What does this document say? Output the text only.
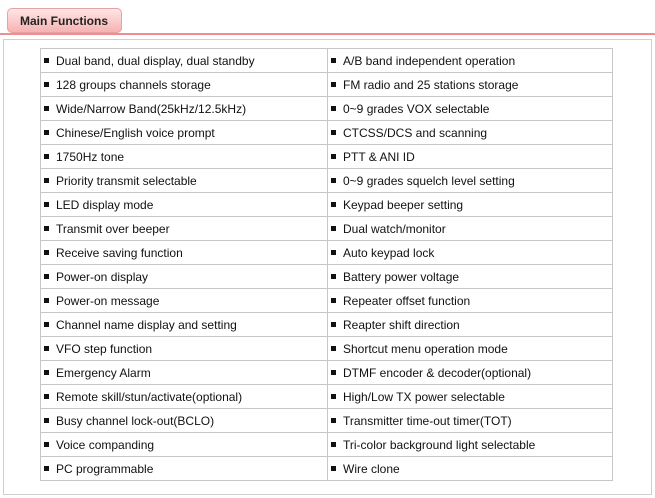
Main Functions
Dual band, dual display, dual standby	A/B band independent operation
128 groups channels storage	FM radio and 25 stations storage
Wide/Narrow Band(25kHz/12.5kHz)	0~9 grades VOX selectable
Chinese/English voice prompt	CTCSS/DCS and scanning
1750Hz tone	PTT & ANI ID
Priority transmit selectable	0~9 grades squelch level setting
LED display mode	Keypad beeper setting
Transmit over beeper	Dual watch/monitor
Receive saving function	Auto keypad lock
Power-on display	Battery power voltage
Power-on message	Repeater offset function
Channel name display and setting	Reapter shift direction
VFO step function	Shortcut menu operation mode
Emergency Alarm	DTMF encoder & decoder(optional)
Remote skill/stun/activate(optional)	High/Low TX power selectable
Busy channel lock-out(BCLO)	Transmitter time-out timer(TOT)
Voice companding	Tri-color background light selectable
PC programmable	Wire clone
